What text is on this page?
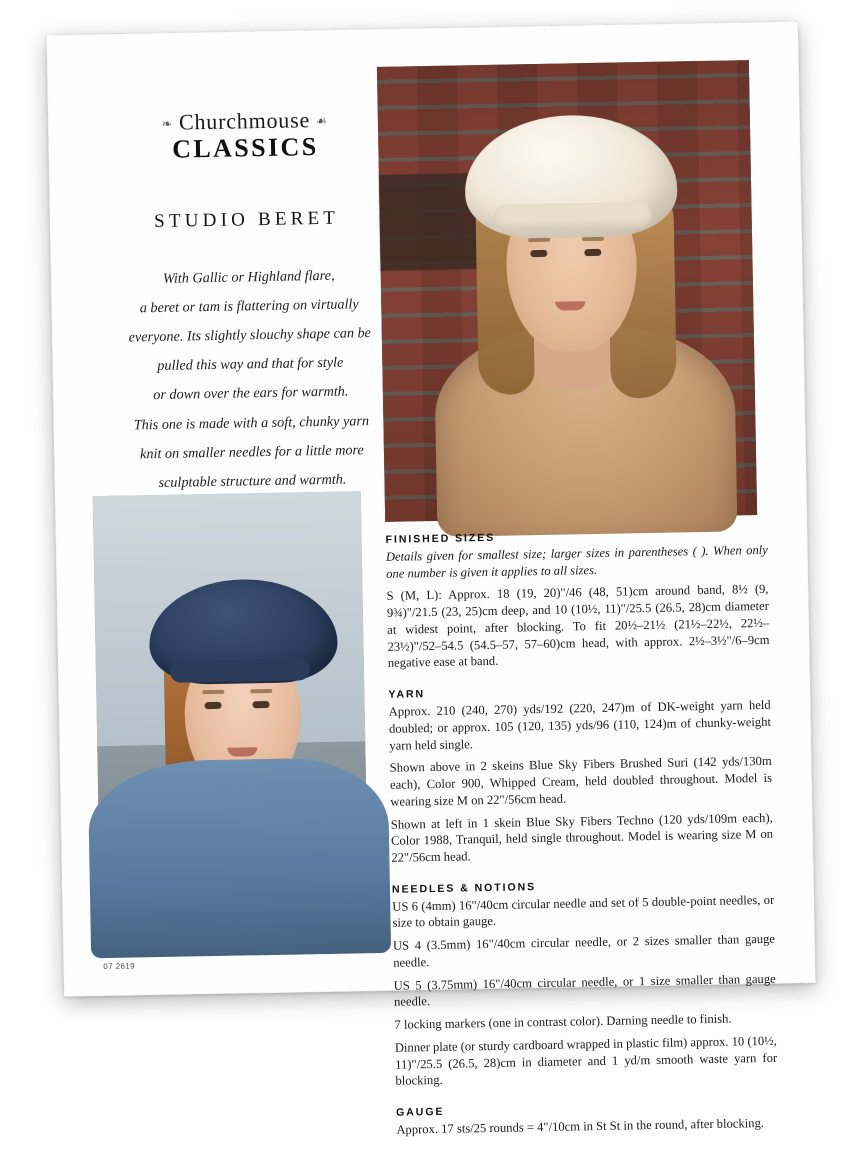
❧ Churchmouse ☙
CLASSICS
STUDIO BERET
With Gallic or Highland flare,
a beret or tam is flattering on virtually
everyone. Its slightly slouchy shape can be
pulled this way and that for style
or down over the ears for warmth.
This one is made with a soft, chunky yarn
knit on smaller needles for a little more
sculptable structure and warmth.
FINISHED SIZES
Details given for smallest size; larger sizes in parentheses ( ). When only one number is given it applies to all sizes.
S (M, L): Approx. 18 (19, 20)"/46 (48, 51)cm around band, 8½ (9, 9¾)"/21.5 (23, 25)cm deep, and 10 (10½, 11)"/25.5 (26.5, 28)cm diameter at widest point, after blocking. To fit 20½–21½ (21½–22½, 22½–23½)"/52–54.5 (54.5–57, 57–60)cm head, with approx. 2½–3½"/6–9cm negative ease at band.
YARN
Approx. 210 (240, 270) yds/192 (220, 247)m of DK-weight yarn held doubled; or approx. 105 (120, 135) yds/96 (110, 124)m of chunky-weight yarn held single.
Shown above in 2 skeins Blue Sky Fibers Brushed Suri (142 yds/130m each), Color 900, Whipped Cream, held doubled throughout. Model is wearing size M on 22"/56cm head.
Shown at left in 1 skein Blue Sky Fibers Techno (120 yds/109m each), Color 1988, Tranquil, held single throughout. Model is wearing size M on 22"/56cm head.
NEEDLES & NOTIONS
US 6 (4mm) 16"/40cm circular needle and set of 5 double-point needles, or size to obtain gauge.
US 4 (3.5mm) 16"/40cm circular needle, or 2 sizes smaller than gauge needle.
US 5 (3.75mm) 16"/40cm circular needle, or 1 size smaller than gauge needle.
7 locking markers (one in contrast color). Darning needle to finish.
Dinner plate (or sturdy cardboard wrapped in plastic film) approx. 10 (10½, 11)"/25.5 (26.5, 28)cm in diameter and 1 yd/m smooth waste yarn for blocking.
GAUGE
Approx. 17 sts/25 rounds = 4"/10cm in St St in the round, after blocking.
07 2619
